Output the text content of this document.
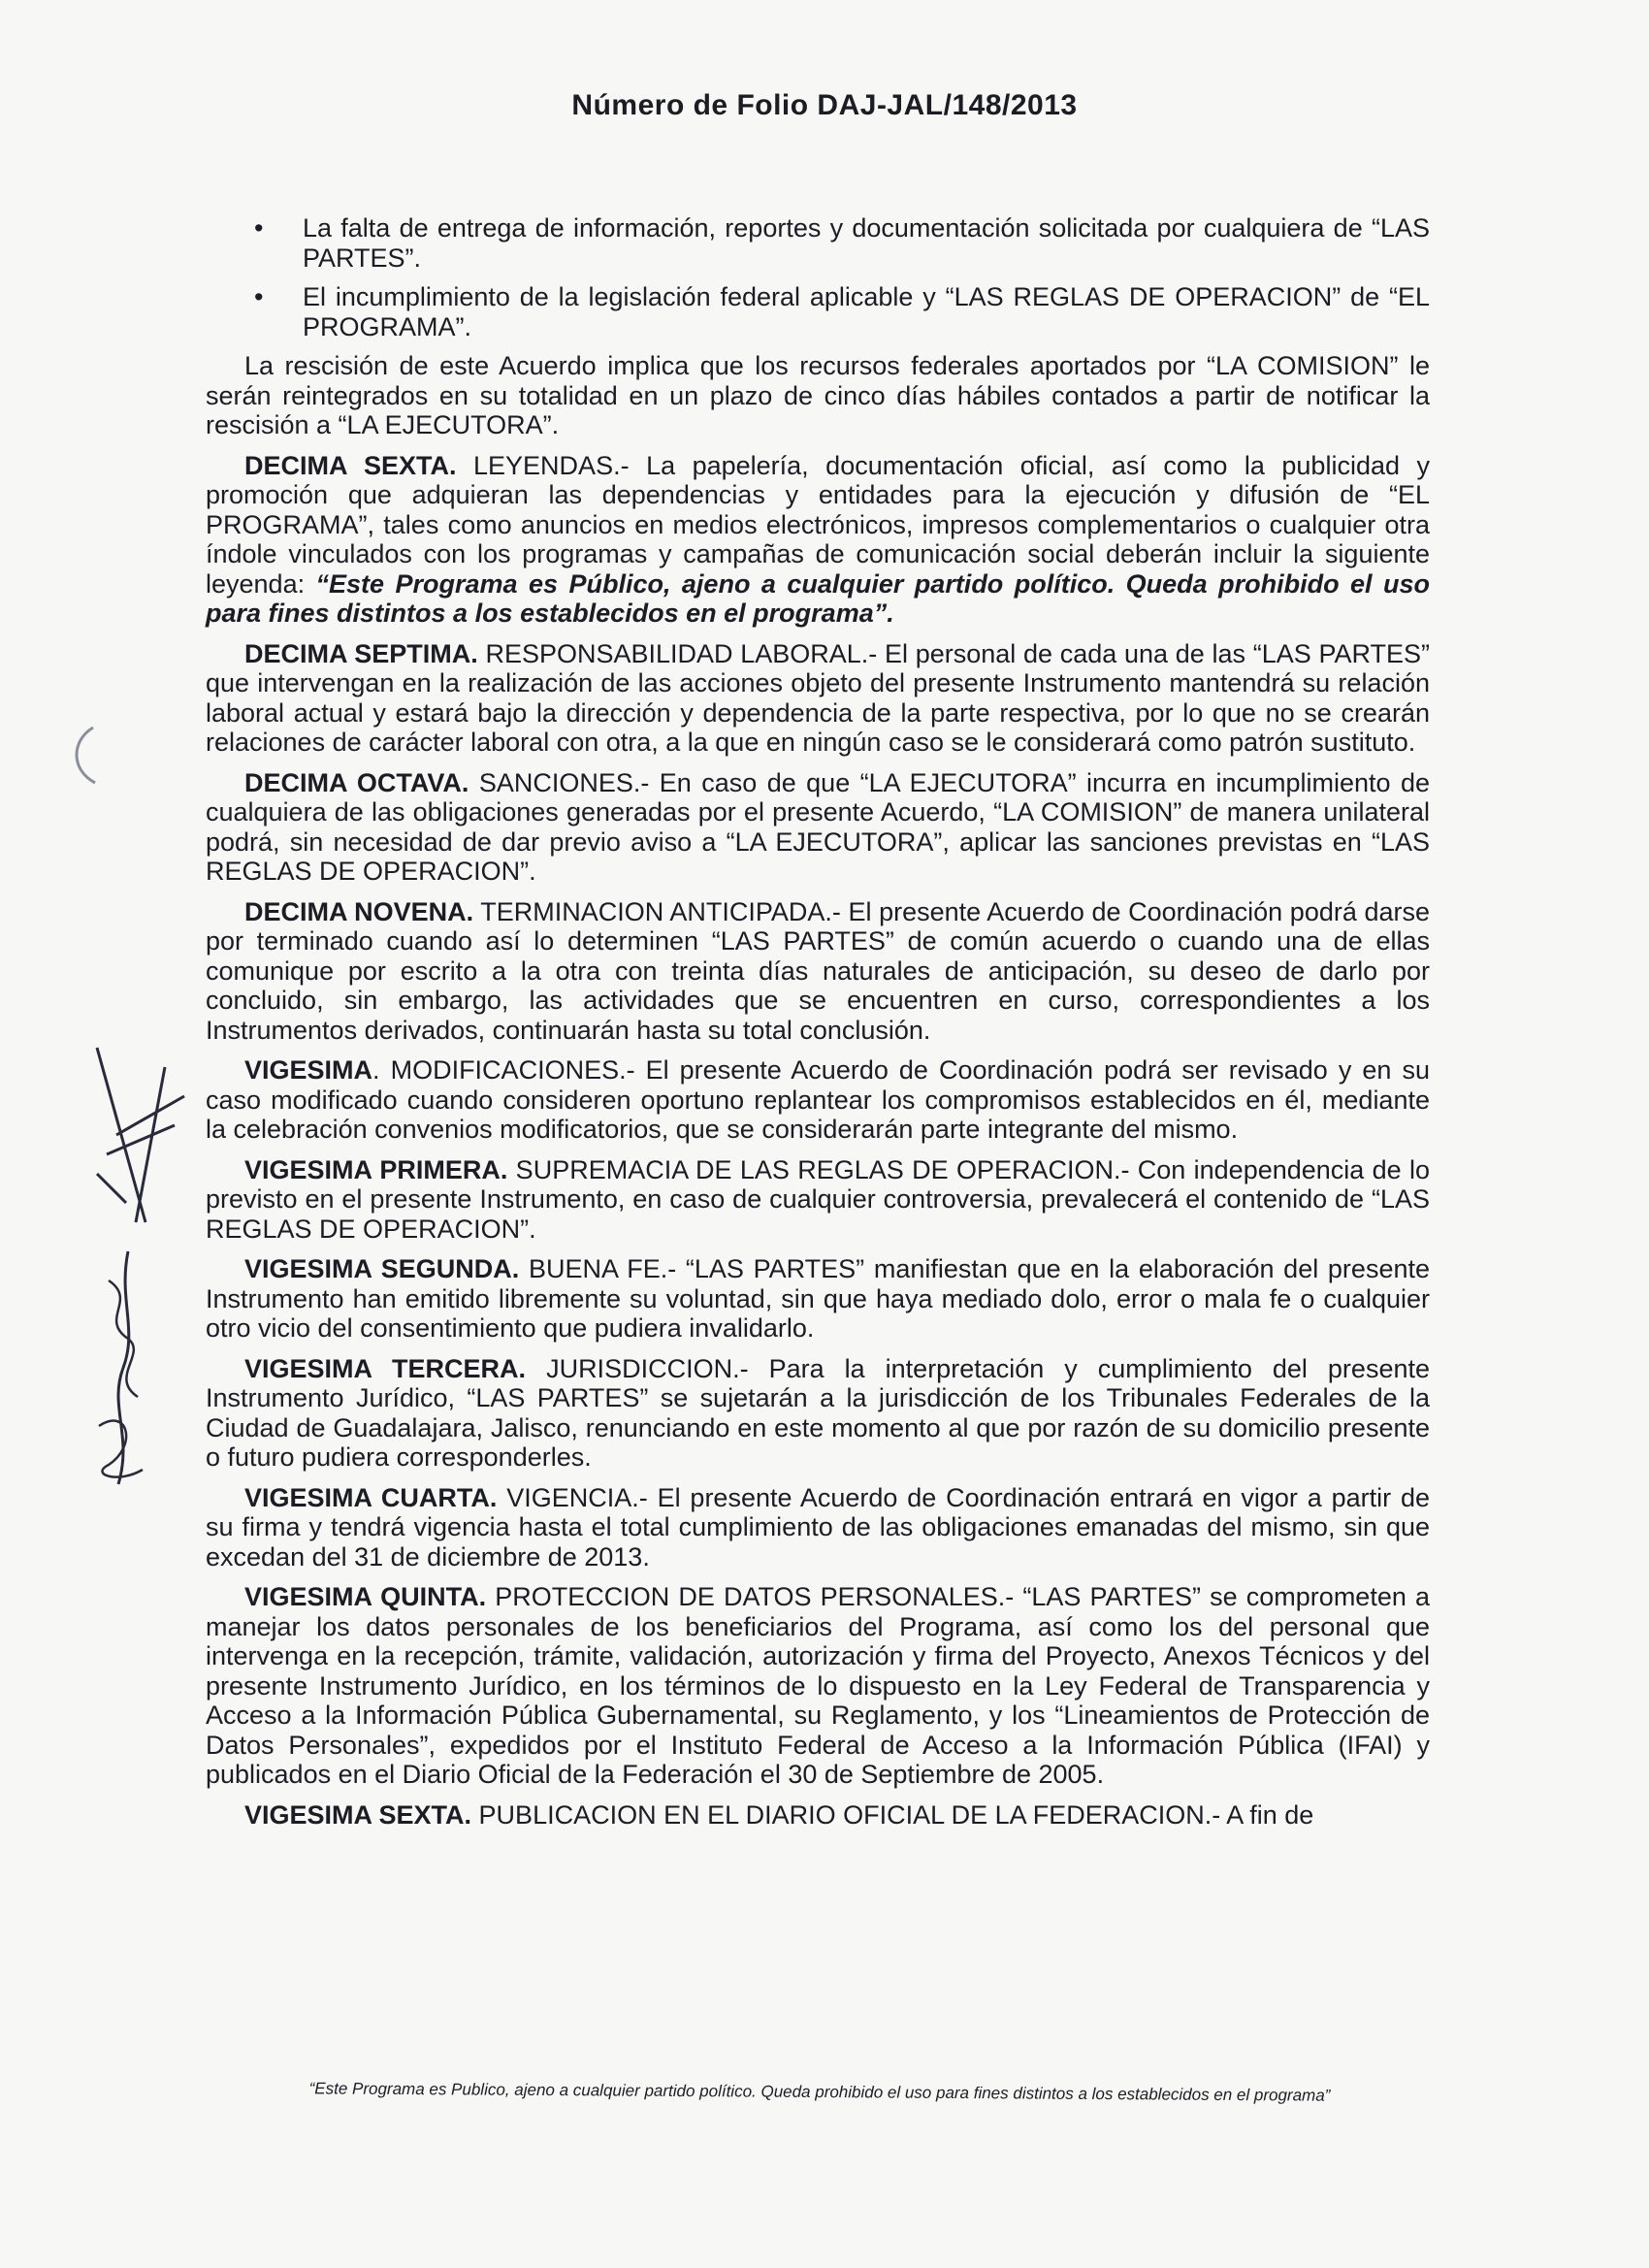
Número de Folio DAJ-JAL/148/2013
• La falta de entrega de información, reportes y documentación solicitada por cualquiera de “LAS PARTES”.
• El incumplimiento de la legislación federal aplicable y “LAS REGLAS DE OPERACION” de “EL PROGRAMA”.

La rescisión de este Acuerdo implica que los recursos federales aportados por “LA COMISION” le serán reintegrados en su totalidad en un plazo de cinco días hábiles contados a partir de notificar la rescisión a “LA EJECUTORA”.

DECIMA SEXTA. LEYENDAS.- La papelería, documentación oficial, así como la publicidad y promoción que adquieran las dependencias y entidades para la ejecución y difusión de “EL PROGRAMA”, tales como anuncios en medios electrónicos, impresos complementarios o cualquier otra índole vinculados con los programas y campañas de comunicación social deberán incluir la siguiente leyenda: “Este Programa es Público, ajeno a cualquier partido político. Queda prohibido el uso para fines distintos a los establecidos en el programa”.

DECIMA SEPTIMA. RESPONSABILIDAD LABORAL.- El personal de cada una de las “LAS PARTES” que intervengan en la realización de las acciones objeto del presente Instrumento mantendrá su relación laboral actual y estará bajo la dirección y dependencia de la parte respectiva, por lo que no se crearán relaciones de carácter laboral con otra, a la que en ningún caso se le considerará como patrón sustituto.

DECIMA OCTAVA. SANCIONES.- En caso de que “LA EJECUTORA” incurra en incumplimiento de cualquiera de las obligaciones generadas por el presente Acuerdo, “LA COMISION” de manera unilateral podrá, sin necesidad de dar previo aviso a “LA EJECUTORA”, aplicar las sanciones previstas en “LAS REGLAS DE OPERACION”.

DECIMA NOVENA. TERMINACION ANTICIPADA.- El presente Acuerdo de Coordinación podrá darse por terminado cuando así lo determinen “LAS PARTES” de común acuerdo o cuando una de ellas comunique por escrito a la otra con treinta días naturales de anticipación, su deseo de darlo por concluido, sin embargo, las actividades que se encuentren en curso, correspondientes a los Instrumentos derivados, continuarán hasta su total conclusión.

VIGESIMA. MODIFICACIONES.- El presente Acuerdo de Coordinación podrá ser revisado y en su caso modificado cuando consideren oportuno replantear los compromisos establecidos en él, mediante la celebración convenios modificatorios, que se considerarán parte integrante del mismo.

VIGESIMA PRIMERA. SUPREMACIA DE LAS REGLAS DE OPERACION.- Con independencia de lo previsto en el presente Instrumento, en caso de cualquier controversia, prevalecerá el contenido de “LAS REGLAS DE OPERACION”.

VIGESIMA SEGUNDA. BUENA FE.- “LAS PARTES” manifiestan que en la elaboración del presente Instrumento han emitido libremente su voluntad, sin que haya mediado dolo, error o mala fe o cualquier otro vicio del consentimiento que pudiera invalidarlo.

VIGESIMA TERCERA. JURISDICCION.- Para la interpretación y cumplimiento del presente Instrumento Jurídico, “LAS PARTES” se sujetarán a la jurisdicción de los Tribunales Federales de la Ciudad de Guadalajara, Jalisco, renunciando en este momento al que por razón de su domicilio presente o futuro pudiera corresponderles.

VIGESIMA CUARTA. VIGENCIA.- El presente Acuerdo de Coordinación entrará en vigor a partir de su firma y tendrá vigencia hasta el total cumplimiento de las obligaciones emanadas del mismo, sin que excedan del 31 de diciembre de 2013.

VIGESIMA QUINTA. PROTECCION DE DATOS PERSONALES.- “LAS PARTES” se comprometen a manejar los datos personales de los beneficiarios del Programa, así como los del personal que intervenga en la recepción, trámite, validación, autorización y firma del Proyecto, Anexos Técnicos y del presente Instrumento Jurídico, en los términos de lo dispuesto en la Ley Federal de Transparencia y Acceso a la Información Pública Gubernamental, su Reglamento, y los “Lineamientos de Protección de Datos Personales”, expedidos por el Instituto Federal de Acceso a la Información Pública (IFAI) y publicados en el Diario Oficial de la Federación el 30 de Septiembre de 2005.

VIGESIMA SEXTA. PUBLICACION EN EL DIARIO OFICIAL DE LA FEDERACION.- A fin de

“Este Programa es Publico, ajeno a cualquier partido político. Queda prohibido el uso para fines distintos a los establecidos en el programa”
